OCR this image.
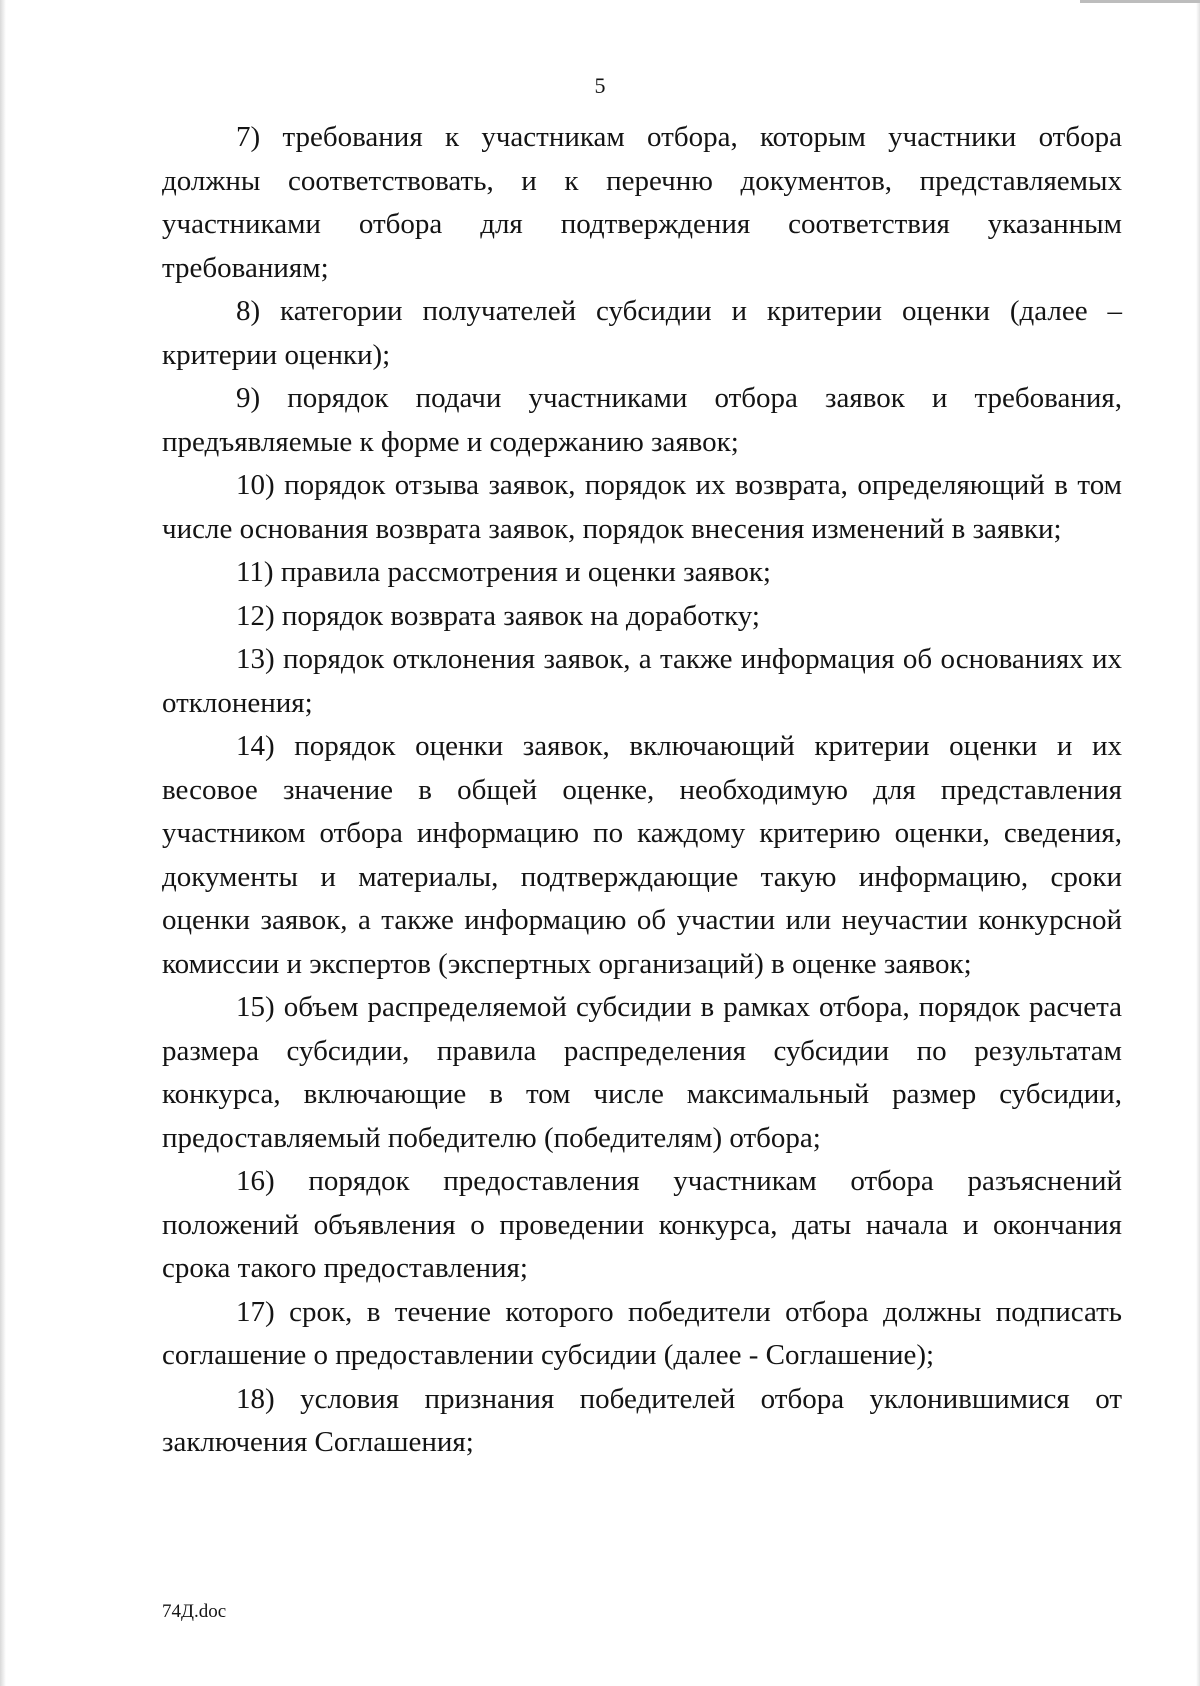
5

7) требования к участникам отбора, которым участники отбора должны соответствовать, и к перечню документов, представляемых участниками отбора для подтверждения соответствия указанным требованиям;

8) категории получателей субсидии и критерии оценки (далее – критерии оценки);

9) порядок подачи участниками отбора заявок и требования, предъявляемые к форме и содержанию заявок;

10) порядок отзыва заявок, порядок их возврата, определяющий в том числе основания возврата заявок, порядок внесения изменений в заявки;

11) правила рассмотрения и оценки заявок;

12) порядок возврата заявок на доработку;

13) порядок отклонения заявок, а также информация об основаниях их отклонения;

14) порядок оценки заявок, включающий критерии оценки и их весовое значение в общей оценке, необходимую для представления участником отбора информацию по каждому критерию оценки, сведения, документы и материалы, подтверждающие такую информацию, сроки оценки заявок, а также информацию об участии или неучастии конкурсной комиссии и экспертов (экспертных организаций) в оценке заявок;

15) объем распределяемой субсидии в рамках отбора, порядок расчета размера субсидии, правила распределения субсидии по результатам конкурса, включающие в том числе максимальный размер субсидии, предоставляемый победителю (победителям) отбора;

16) порядок предоставления участникам отбора разъяснений положений объявления о проведении конкурса, даты начала и окончания срока такого предоставления;

17) срок, в течение которого победители отбора должны подписать соглашение о предоставлении субсидии (далее - Соглашение);

18) условия признания победителей отбора уклонившимися от заключения Соглашения;

74Д.doc
